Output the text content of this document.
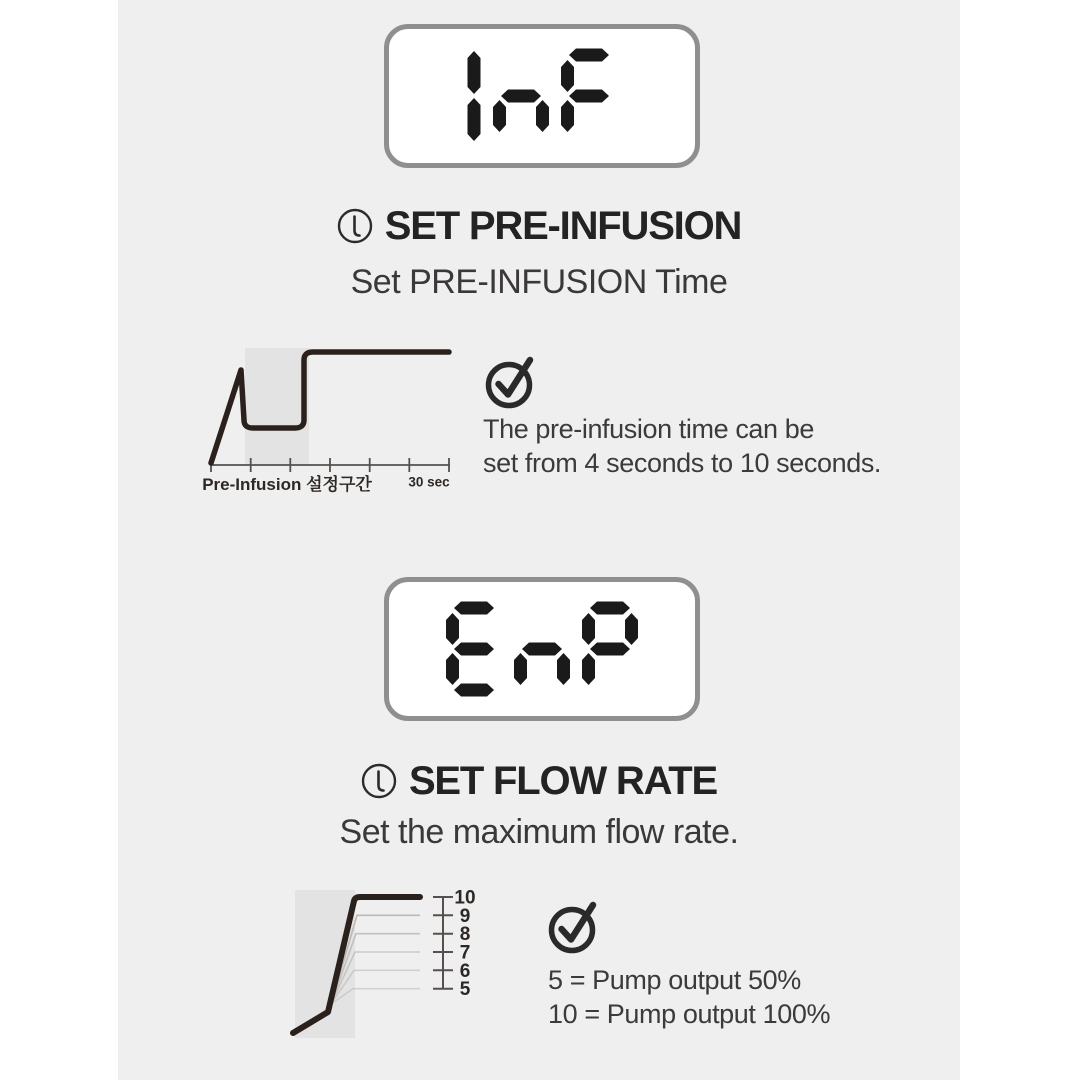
SET PRE-INFUSION
Set PRE-INFUSION Time
Pre-Infusion 설정구간	30 sec
The pre-infusion time can be
set from 4 seconds to 10 seconds.
SET FLOW RATE
Set the maximum flow rate.
10
9
8
7
6
5	5 = Pump output 50%
10 = Pump output 100%
